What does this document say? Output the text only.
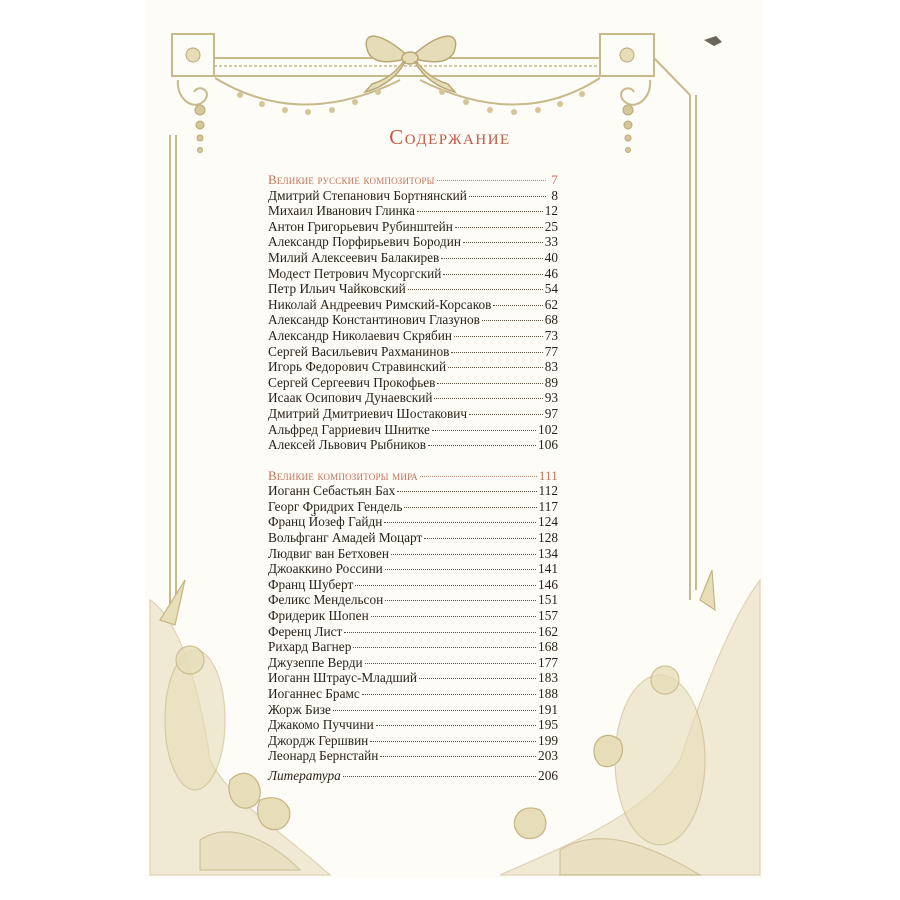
Содержание
Великие русские композиторы	7
Дмитрий Степанович Бортнянский	8
Михаил Иванович Глинка	12
Антон Григорьевич Рубинштейн	25
Александр Порфирьевич Бородин	33
Милий Алексеевич Балакирев	40
Модест Петрович Мусоргский	46
Петр Ильич Чайковский	54
Николай Андреевич Римский-Корсаков	62
Александр Константинович Глазунов	68
Александр Николаевич Скрябин	73
Сергей Васильевич Рахманинов	77
Игорь Федорович Стравинский	83
Сергей Сергеевич Прокофьев	89
Исаак Осипович Дунаевский	93
Дмитрий Дмитриевич Шостакович	97
Альфред Гарриевич Шнитке	102
Алексей Львович Рыбников	106
Великие композиторы мира	111
Иоганн Себастьян Бах	112
Георг Фридрих Гендель	117
Франц Йозеф Гайдн	124
Вольфганг Амадей Моцарт	128
Людвиг ван Бетховен	134
Джоаккино Россини	141
Франц Шуберт	146
Феликс Мендельсон	151
Фридерик Шопен	157
Ференц Лист	162
Рихард Вагнер	168
Джузеппе Верди	177
Иоганн Штраус-Младший	183
Иоганнес Брамс	188
Жорж Бизе	191
Джакомо Пуччини	195
Джордж Гершвин	199
Леонард Бернстайн	203
Литература	206
